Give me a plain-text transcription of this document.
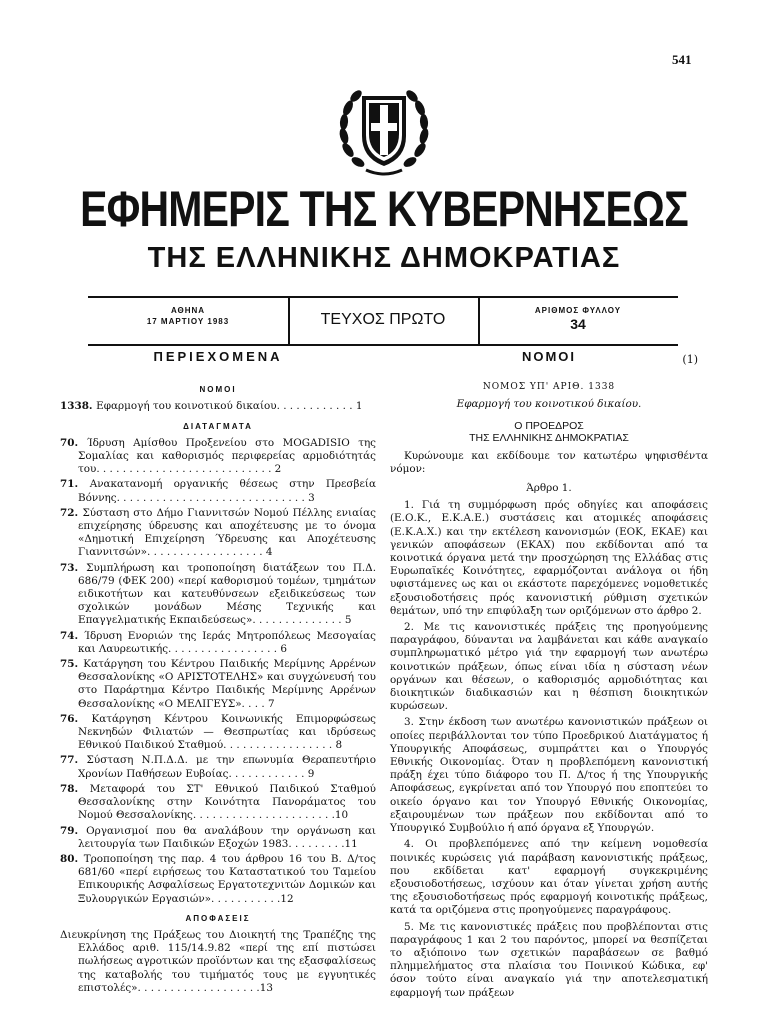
541
ΕΦΗΜΕΡΙΣ ΤΗΣ ΚΥΒΕΡΝΗΣΕΩΣ
ΤΗΣ ΕΛΛΗΝΙΚΗΣ ΔΗΜΟΚΡΑΤΙΑΣ
ΑΘΗΝΑ
17 ΜΑΡΤΙΟΥ 1983	ΤΕΥΧΟΣ ΠΡΩΤΟ
ΑΡΙΘΜΟΣ ΦΥΛΛΟΥ
34
ΠΕΡΙΕΧΟΜΕΝΑ
ΝΟΜΟΙ
1338. Εφαρμογή του κοινοτικού δικαίου. . . . . . . . . . . . 1
ΔΙΑΤΑΓΜΑΤΑ
70. Ίδρυση Αμίσθου Προξενείου στο MOGADISIO της Σομαλίας και καθορισμός περιφερείας αρμοδιότητάς του. . . . . . . . . . . . . . . . . . . . . . . . . . . 2
71. Ανακατανομή οργανικής θέσεως στην Πρεσβεία Βόννης. . . . . . . . . . . . . . . . . . . . . . . . . . . . . 3
72. Σύσταση στο Δήμο Γιαννιτσών Νομού Πέλλης ενιαίας επιχείρησης ύδρευσης και αποχέτευσης με το όνομα «Δημοτική Επιχείρηση Ύδρευσης και Αποχέτευσης Γιαννιτσών». . . . . . . . . . . . . . . . . . 4
73. Συμπλήρωση και τροποποίηση διατάξεων του Π.Δ. 686/79 (ΦΕΚ 200) «περί καθορισμού τομέων, τμημάτων ειδικοτήτων και κατευθύνσεων εξειδικεύσεως των σχολικών μονάδων Μέσης Τεχνικής και Επαγγελματικής Εκπαιδεύσεως». . . . . . . . . . . . . . 5
74. Ίδρυση Ενοριών της Ιεράς Μητροπόλεως Μεσογαίας και Λαυρεωτικής. . . . . . . . . . . . . . . . . 6
75. Κατάργηση του Κέντρου Παιδικής Μερίμνης Αρρένων Θεσσαλονίκης «Ο ΑΡΙΣΤΟΤΕΛΗΣ» και συγχώνευσή του στο Παράρτημα Κέντρο Παιδικής Μερίμνης Αρρένων Θεσσαλονίκης «Ο ΜΕΛΙΓΕΥΣ». . . . 7
76. Κατάργηση Κέντρου Κοινωνικής Επιμορφώσεως Νεκνηδών Φιλιατών — Θεσπρωτίας και ιδρύσεως Εθνικού Παιδικού Σταθμού. . . . . . . . . . . . . . . . . 8
77. Σύσταση Ν.Π.Δ.Δ. με την επωνυμία Θεραπευτήριο Χρονίων Παθήσεων Ευβοίας. . . . . . . . . . . . 9
78. Μεταφορά του ΣΤ' Εθνικού Παιδικού Σταθμού Θεσσαλονίκης στην Κοινότητα Πανοράματος του Νομού Θεσσαλονίκης. . . . . . . . . . . . . . . . . . . . . .10
79. Οργανισμοί που θα αναλάβουν την οργάνωση και λειτουργία των Παιδικών Εξοχών 1983. . . . . . . . .11
80. Τροποποίηση της παρ. 4 του άρθρου 16 του Β. Δ/τος 681/60 «περί ειρήσεως του Καταστατικού του Ταμείου Επικουρικής Ασφαλίσεως Εργατοτεχνιτών Δομικών και Ξυλουργικών Εργασιών». . . . . . . . . . .12
ΑΠΟΦΑΣΕΙΣ
Διευκρίνηση της Πράξεως του Διοικητή της Τραπέζης της Ελλάδος αριθ. 115/14.9.82 «περί της επί πιστώσει πωλήσεως αγροτικών προϊόντων και της εξασφαλίσεως της καταβολής του τιμήματός τους με εγγυητικές επιστολές». . . . . . . . . . . . . . . . . . .13
ΝΟΜΟΙ	(1)
ΝΟΜΟΣ ΥΠ' ΑΡΙΘ. 1338
Εφαρμογή του κοινοτικού δικαίου.
Ο ΠΡΟΕΔΡΟΣ
ΤΗΣ ΕΛΛΗΝΙΚΗΣ ΔΗΜΟΚΡΑΤΙΑΣ
Κυρώνουμε και εκδίδουμε τον κατωτέρω ψηφισθέντα νόμον:
Άρθρο 1.
1. Γιά τη συμμόρφωση πρός οδηγίες και αποφάσεις (Ε.Ο.Κ., Ε.Κ.Α.Ε.) συστάσεις και ατομικές αποφάσεις (Ε.Κ.Α.Χ.) και την εκτέλεση κανονισμών (ΕΟΚ, ΕΚΑΕ) και γενικών αποφάσεων (ΕΚΑΧ) που εκδίδονται από τα κοινοτικά όργανα μετά την προσχώρηση της Ελλάδας στις Ευρωπαϊκές Κοινότητες, εφαρμόζονται ανάλογα οι ήδη υφιστάμενες ως και οι εκάστοτε παρεχόμενες νομοθετικές εξουσιοδοτήσεις πρός κανονιστική ρύθμιση σχετικών θεμάτων, υπό την επιφύλαξη των οριζόμενων στο άρθρο 2.
2. Με τις κανονιστικές πράξεις της προηγούμενης παραγράφου, δύνανται να λαμβάνεται και κάθε αναγκαίο συμπληρωματικό μέτρο γιά την εφαρμογή των ανωτέρω κοινοτικών πράξεων, όπως είναι ιδία η σύσταση νέων οργάνων και θέσεων, ο καθορισμός αρμοδιότητας και διοικητικών διαδικασιών και η θέσπιση διοικητικών κυρώσεων.
3. Στην έκδοση των ανωτέρω κανονιστικών πράξεων οι οποίες περιβάλλονται τον τύπο Προεδρικού Διατάγματος ή Υπουργικής Αποφάσεως, συμπράττει και ο Υπουργός Εθνικής Οικονομίας. Όταν η προβλεπόμενη κανονιστική πράξη έχει τύπο διάφορο του Π. Δ/τος ή της Υπουργικής Αποφάσεως, εγκρίνεται από τον Υπουργό που εποπτεύει το οικείο όργανο και τον Υπουργό Εθνικής Οικονομίας, εξαιρουμένων των πράξεων που εκδίδονται από το Υπουργικό Συμβούλιο ή από όργανα εξ Υπουργών.
4. Οι προβλεπόμενες από την κείμενη νομοθεσία ποινικές κυρώσεις γιά παράβαση κανονιστικής πράξεως, που εκδίδεται κατ' εφαρμογή συγκεκριμένης εξουσιοδοτήσεως, ισχύουν και όταν γίνεται χρήση αυτής της εξουσιοδοτήσεως πρός εφαρμογή κοινοτικής πράξεως, κατά τα οριζόμενα στις προηγούμενες παραγράφους.
5. Με τις κανονιστικές πράξεις που προβλέπονται στις παραγράφους 1 και 2 του παρόντος, μπορεί να θεσπίζεται το αξιόποινο των σχετικών παραβάσεων σε βαθμό πλημμελήματος στα πλαίσια του Ποινικού Κώδικα, εφ' όσον τούτο είναι αναγκαίο γιά την αποτελεσματική εφαρμογή των πράξεων
